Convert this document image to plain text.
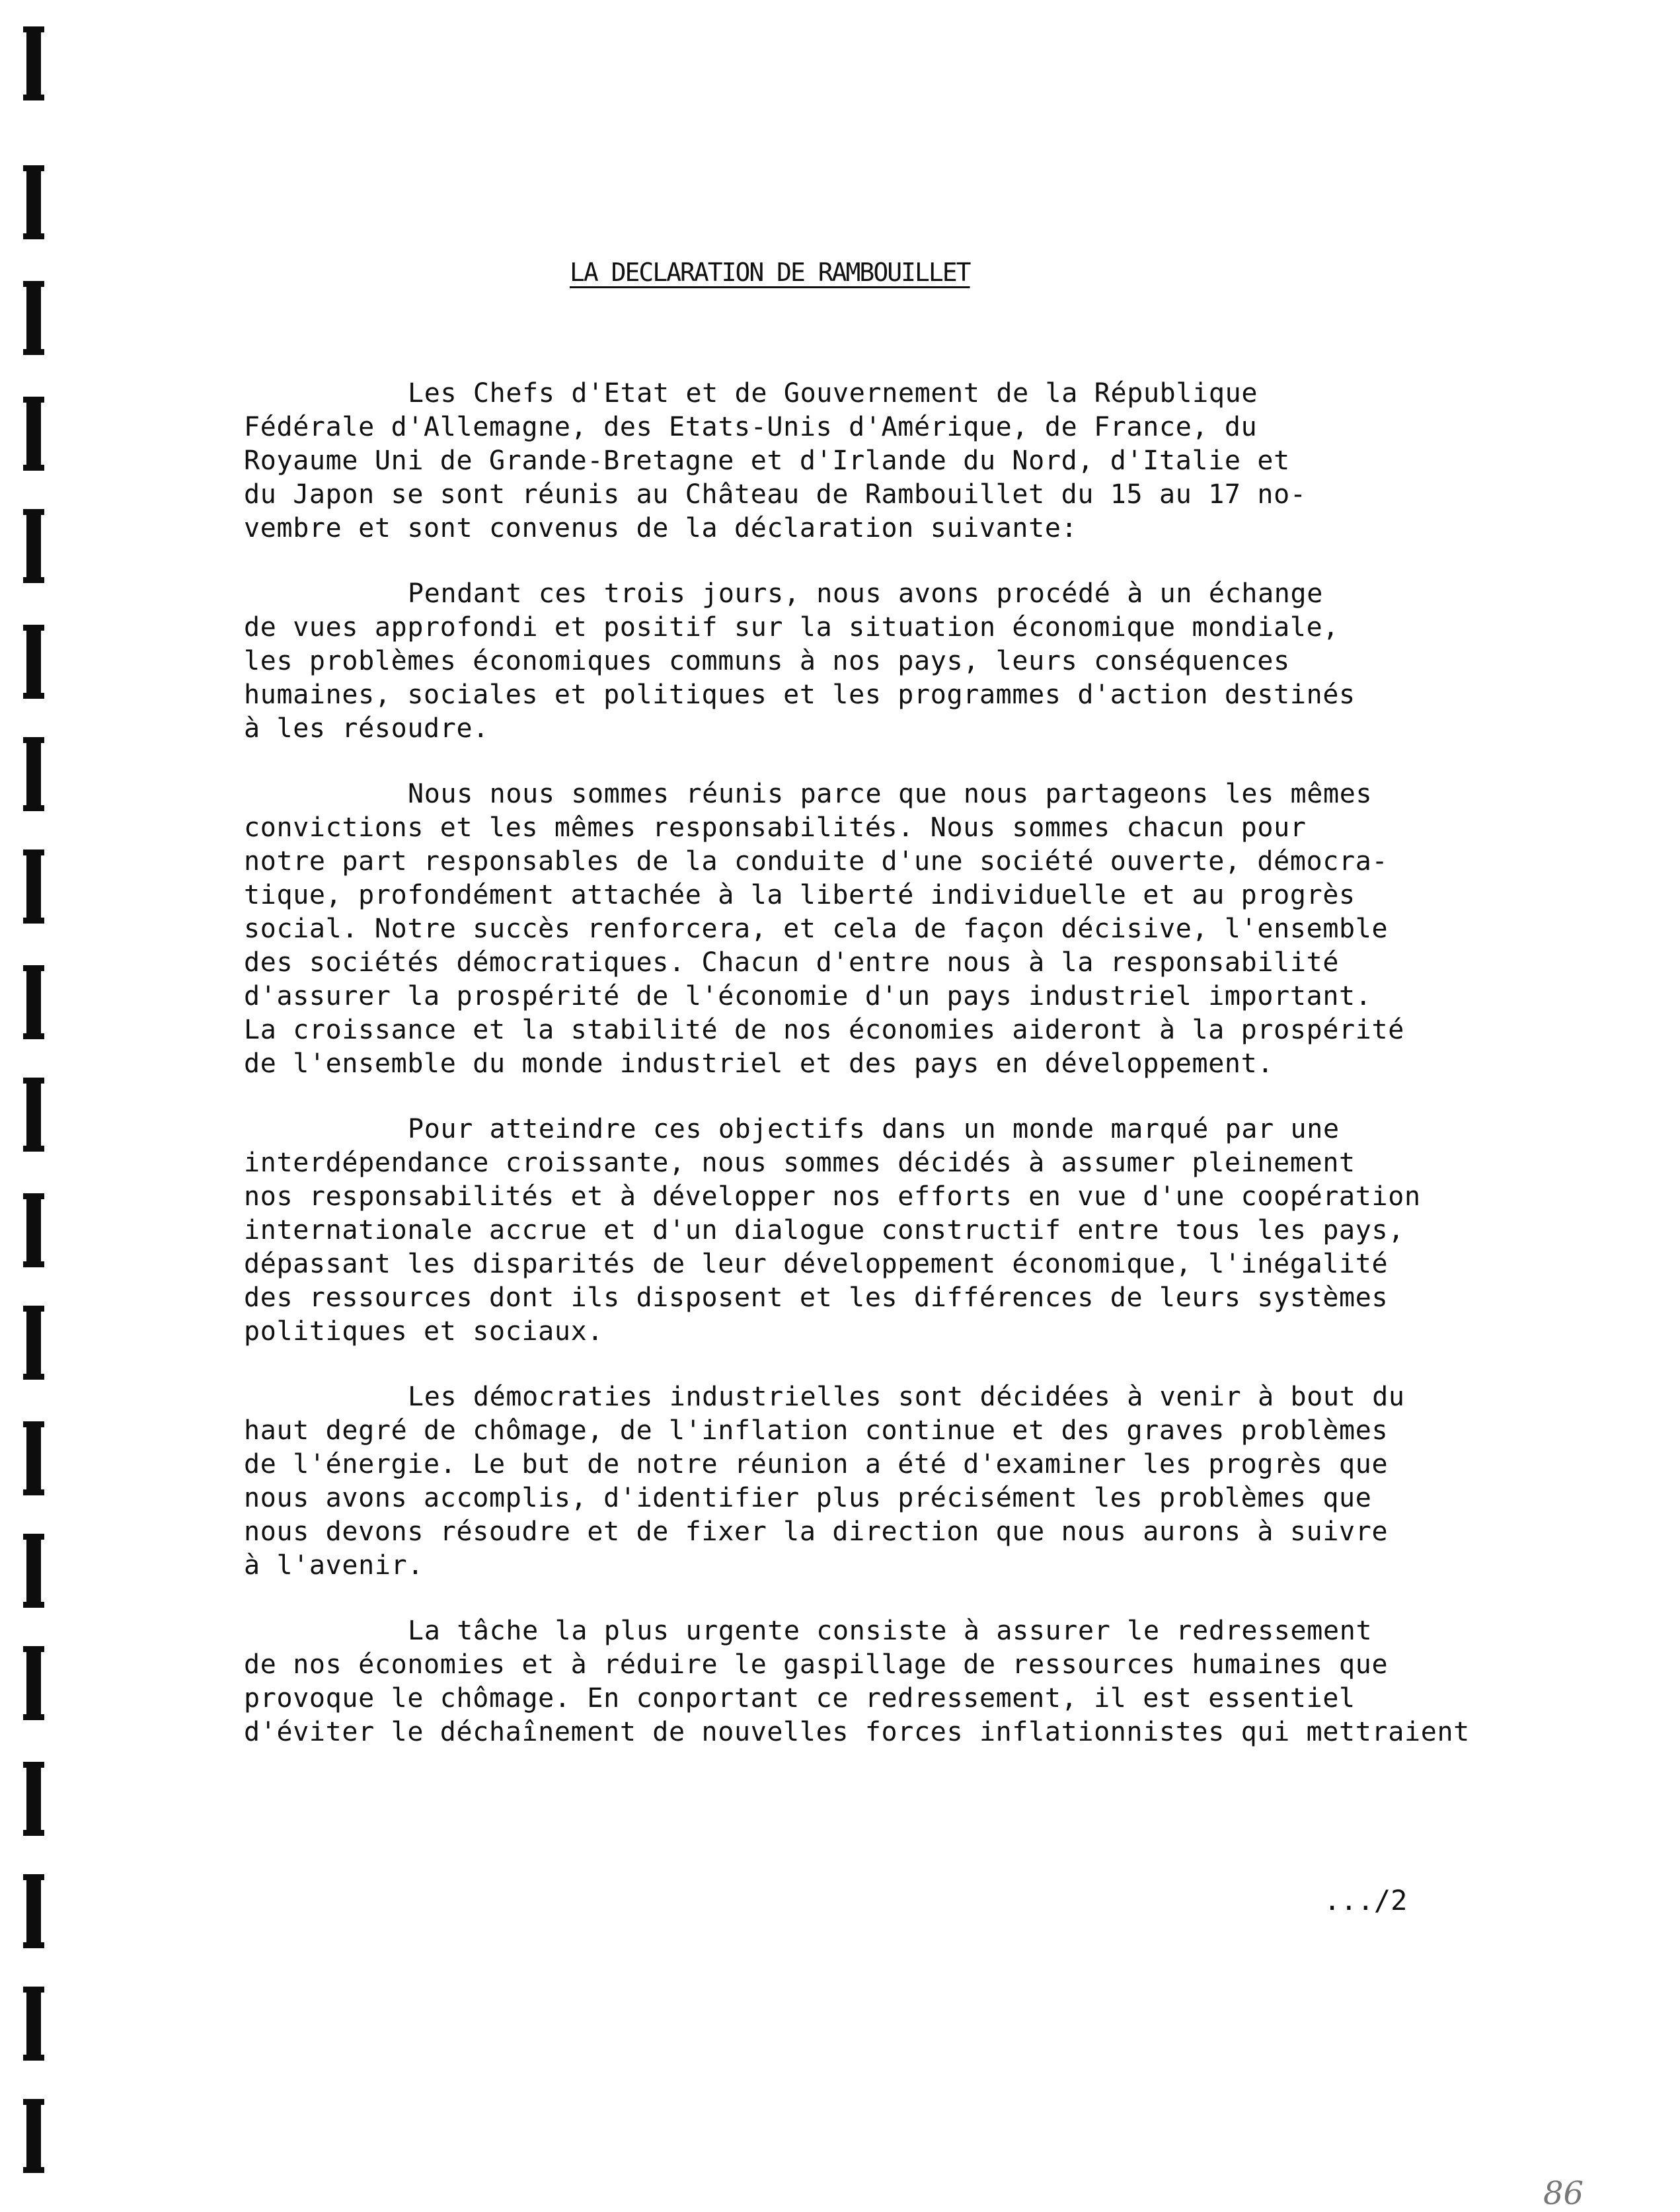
LA DECLARATION DE RAMBOUILLET
Les Chefs d'Etat et de Gouvernement de la République
Fédérale d'Allemagne, des Etats-Unis d'Amérique, de France, du
Royaume Uni de Grande-Bretagne et d'Irlande du Nord, d'Italie et
du Japon se sont réunis au Château de Rambouillet du 15 au 17 no-
vembre et sont convenus de la déclaration suivante:
Pendant ces trois jours, nous avons procédé à un échange
de vues approfondi et positif sur la situation économique mondiale,
les problèmes économiques communs à nos pays, leurs conséquences
humaines, sociales et politiques et les programmes d'action destinés
à les résoudre.
Nous nous sommes réunis parce que nous partageons les mêmes
convictions et les mêmes responsabilités. Nous sommes chacun pour
notre part responsables de la conduite d'une société ouverte, démocra-
tique, profondément attachée à la liberté individuelle et au progrès
social. Notre succès renforcera, et cela de façon décisive, l'ensemble
des sociétés démocratiques. Chacun d'entre nous à la responsabilité
d'assurer la prospérité de l'économie d'un pays industriel important.
La croissance et la stabilité de nos économies aideront à la prospérité
de l'ensemble du monde industriel et des pays en développement.
Pour atteindre ces objectifs dans un monde marqué par une
interdépendance croissante, nous sommes décidés à assumer pleinement
nos responsabilités et à développer nos efforts en vue d'une coopération
internationale accrue et d'un dialogue constructif entre tous les pays,
dépassant les disparités de leur développement économique, l'inégalité
des ressources dont ils disposent et les différences de leurs systèmes
politiques et sociaux.
Les démocraties industrielles sont décidées à venir à bout du
haut degré de chômage, de l'inflation continue et des graves problèmes
de l'énergie. Le but de notre réunion a été d'examiner les progrès que
nous avons accomplis, d'identifier plus précisément les problèmes que
nous devons résoudre et de fixer la direction que nous aurons à suivre
à l'avenir.
La tâche la plus urgente consiste à assurer le redressement
de nos économies et à réduire le gaspillage de ressources humaines que
provoque le chômage. En conportant ce redressement, il est essentiel
d'éviter le déchaînement de nouvelles forces inflationnistes qui mettraient
.../2
86
